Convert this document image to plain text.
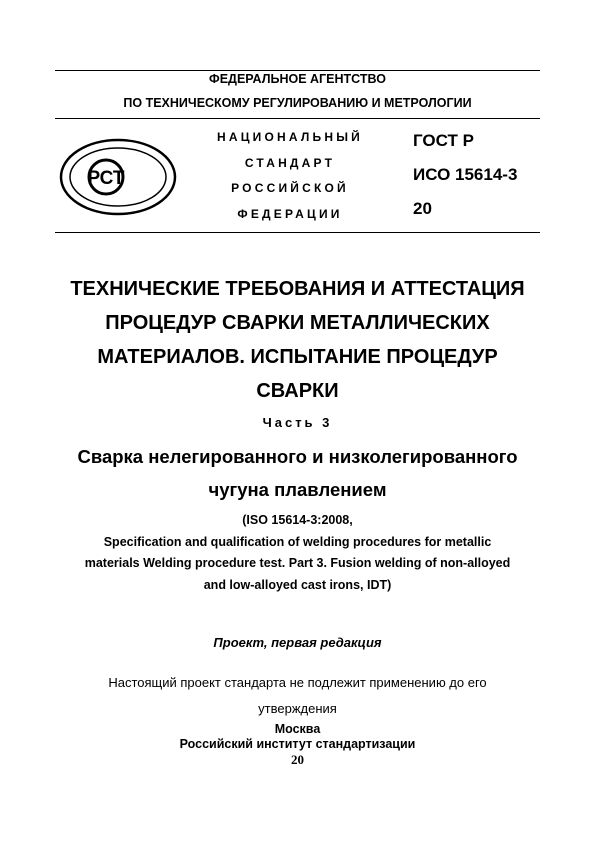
ФЕДЕРАЛЬНОЕ АГЕНТСТВО
ПО ТЕХНИЧЕСКОМУ РЕГУЛИРОВАНИЮ И МЕТРОЛОГИИ
РСТ
НАЦИОНАЛЬНЫЙ
СТАНДАРТ
РОССИЙСКОЙ
ФЕДЕРАЦИИ
ГОСТ Р
ИСО 15614-3
20
ТЕХНИЧЕСКИЕ ТРЕБОВАНИЯ И АТТЕСТАЦИЯ
ПРОЦЕДУР СВАРКИ МЕТАЛЛИЧЕСКИХ
МАТЕРИАЛОВ. ИСПЫТАНИЕ ПРОЦЕДУР
СВАРКИ
Часть 3
Сварка нелегированного и низколегированного
чугуна плавлением
(ISO 15614-3:2008,
Specification and qualification of welding procedures for metallic
materials Welding procedure test. Part 3. Fusion welding of non-alloyed
and low-alloyed cast irons, IDT)
Проект, первая редакция
Настоящий проект стандарта не подлежит применению до его
утверждения
Москва
Российский институт стандартизации
20
